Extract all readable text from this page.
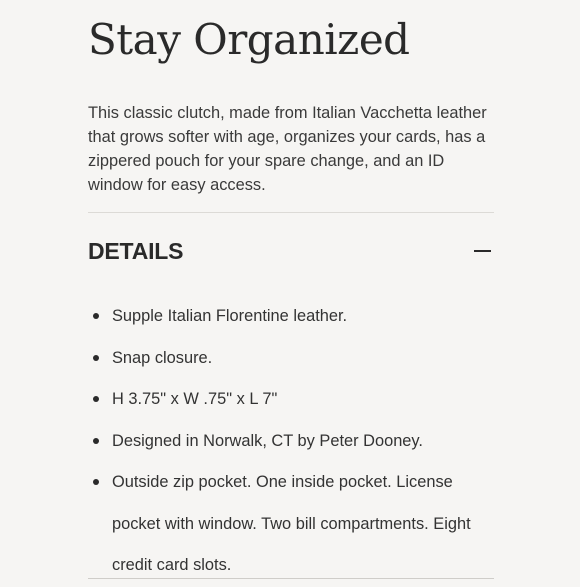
Stay Organized

This classic clutch, made from Italian Vacchetta leather that grows softer with age, organizes your cards, has a zippered pouch for your spare change, and an ID window for easy access.

DETAILS
Supple Italian Florentine leather.
Snap closure.
H 3.75" x W .75" x L 7"
Designed in Norwalk, CT by Peter Dooney.
Outside zip pocket. One inside pocket. License pocket with window. Two bill compartments. Eight credit card slots.
